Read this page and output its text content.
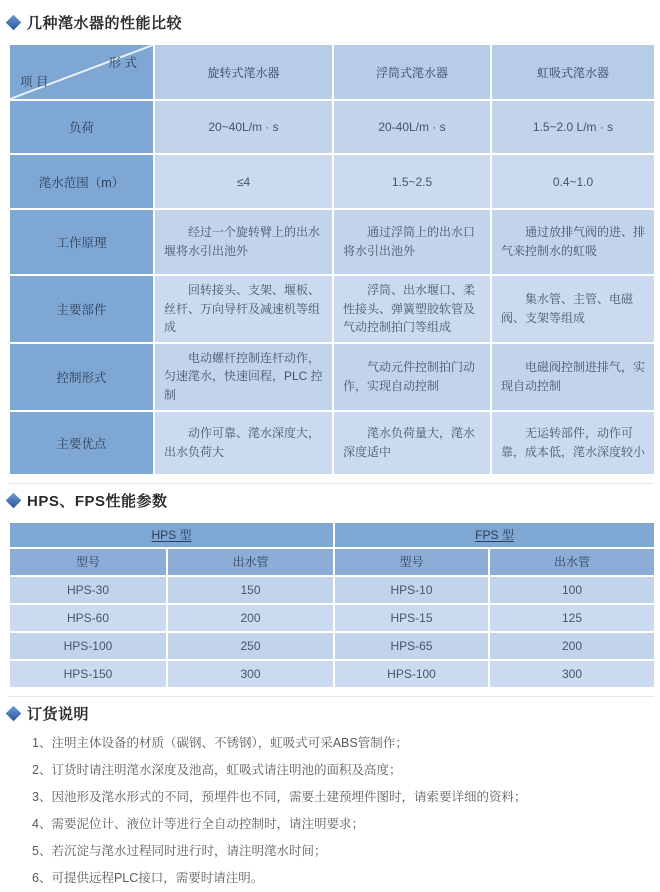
几种滗水器的性能比较
形 式
项 目	旋转式滗水器	浮筒式滗水器	虹吸式滗水器
负荷	20~40L/m · s	20-40L/m · s	1.5~2.0 L/m · s
滗水范围（m）	≤4	1.5~2.5	0.4~1.0
工作原理	经过一个旋转臂上的出水堰将水引出池外	通过浮筒上的出水口将水引出池外	通过放排气阀的进、排气来控制水的虹吸
主要部件	回转接头、支架、堰板、丝杆、万向导杆及减速机等组成	浮筒、出水堰口、柔性接头、弹簧塑胶软管及气动控制拍门等组成	集水管、主管、电磁阀、支架等组成
控制形式	电动螺杆控制连杆动作，匀速滗水，快速回程，PLC 控制	气动元件控制拍门动作，实现自动控制	电磁阀控制进排气，实现自动控制
主要优点	动作可靠、滗水深度大，出水负荷大	滗水负荷量大，滗水深度适中	无运转部件，动作可靠，成本低，滗水深度较小
HPS、FPS性能参数
HPS 型		FPS 型	
型号	出水管	型号	出水管
HPS-30	150	HPS-10	100
HPS-60	200	HPS-15	125
HPS-100	250	HPS-65	200
HPS-150	300	HPS-100	300
订货说明
1、注明主体设备的材质（碳钢、不锈钢），虹吸式可采ABS管制作；
2、订货时请注明滗水深度及池高，虹吸式请注明池的面积及高度；
3、因池形及滗水形式的不同，预埋件也不同，需要土建预埋件图时，请索要详细的资料；
4、需要泥位计、液位计等进行全自动控制时，请注明要求；
5、若沉淀与滗水过程同时进行时，请注明滗水时间；
6、可提供远程PLC接口，需要时请注明。
